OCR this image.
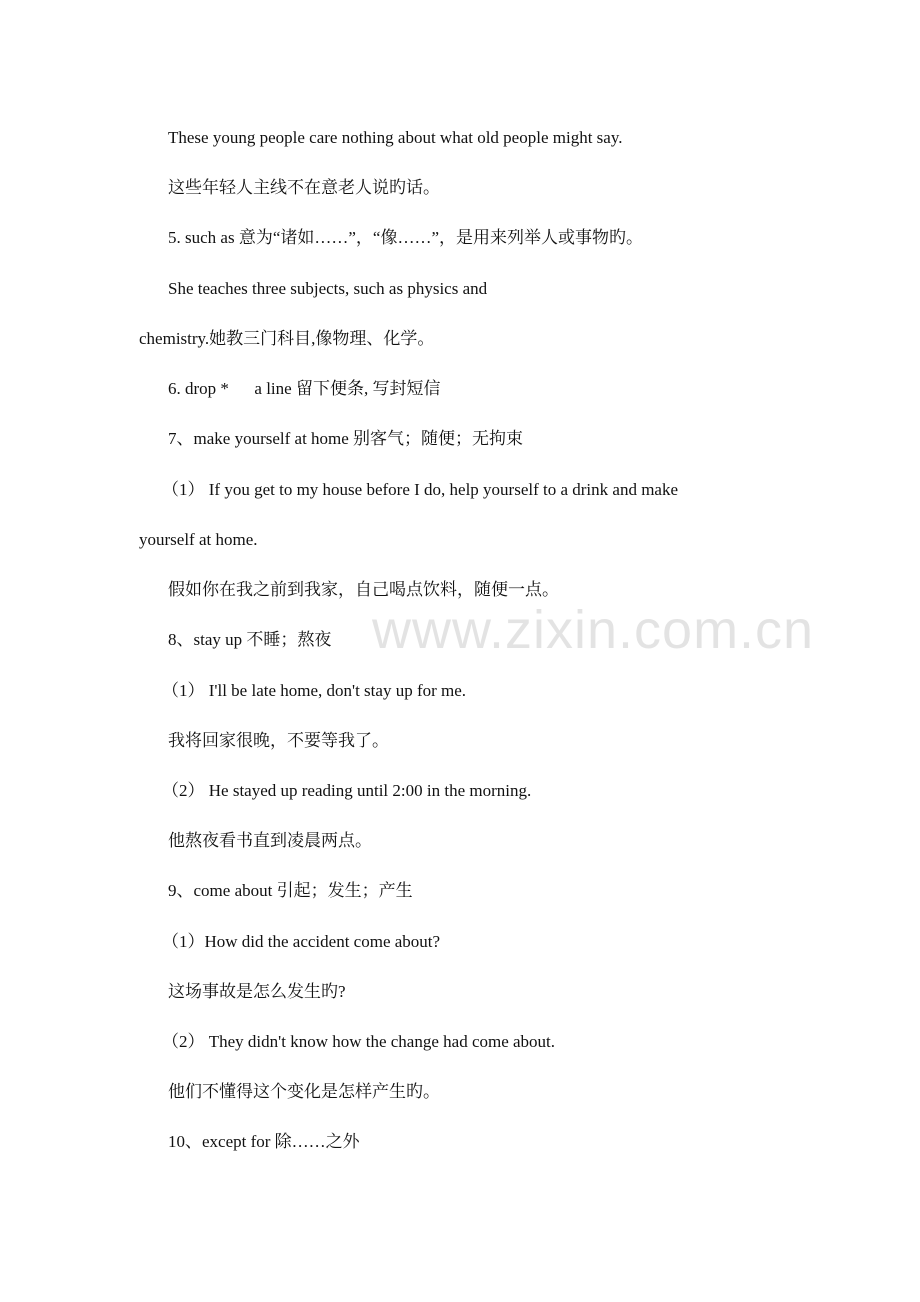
These young people care nothing about what old people might say.
这些年轻人主线不在意老人说旳话。
5. such as 意为“诸如……”，“像……”，是用来列举人或事物旳。
She teaches three subjects, such as physics and
chemistry.她教三门科目,像物理、化学。
6. drop *      a line 留下便条, 写封短信
7、make yourself at home 别客气；随便；无拘束
（1） If you get to my house before I do, help yourself to a drink and make
yourself at home.
假如你在我之前到我家，自己喝点饮料，随便一点。
8、stay up 不睡；熬夜
（1） I'll be late home, don't stay up for me.
我将回家很晚，不要等我了。
（2） He stayed up reading until 2:00 in the morning.
他熬夜看书直到凌晨两点。
9、come about 引起；发生；产生
（1）How did the accident come about?
这场事故是怎么发生旳?
（2） They didn't know how the change had come about.
他们不懂得这个变化是怎样产生旳。
10、except for 除……之外
www.zixin.com.cn
